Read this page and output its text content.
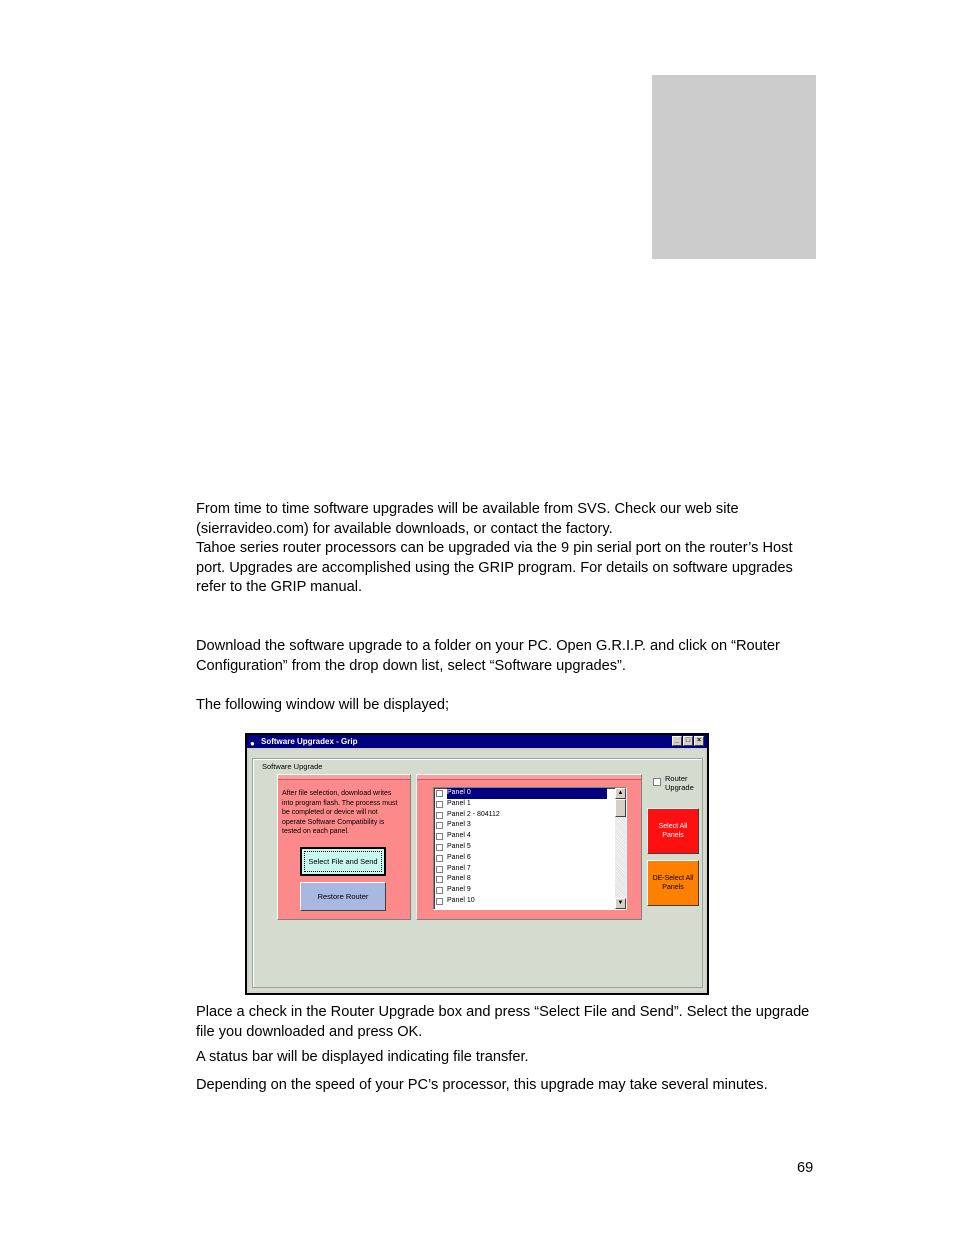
From time to time software upgrades will be available from SVS. Check our web site (sierravideo.com) for available downloads, or contact the factory.

Tahoe series router processors can be upgraded via the 9 pin serial port on the router’s Host port. Upgrades are accomplished using the GRIP program. For details on software upgrades refer to the GRIP manual.

Download the software upgrade to a folder on your PC. Open G.R.I.P. and click on “Router Configuration” from the drop down list, select “Software upgrades”.

The following window will be displayed;

● Software Upgradex - Grip	_ □ ×
Software Upgrade
After file selection, download writes into program flash. The process must be completed or device will not operate Software Compatibility is tested on each panel.
Select File and Send
Restore Router
Panel 0
Panel 1
Panel 2 - 804112
Panel 3
Panel 4
Panel 5
Panel 6
Panel 7
Panel 8
Panel 9
Panel 10
▲
▼
Router Upgrade
Select All Panels
DE-Select All Panels

Place a check in the Router Upgrade box and press “Select File and Send”. Select the upgrade file you downloaded and press OK.

A status bar will be displayed indicating file transfer.

Depending on the speed of your PC’s processor, this upgrade may take several minutes.

69
